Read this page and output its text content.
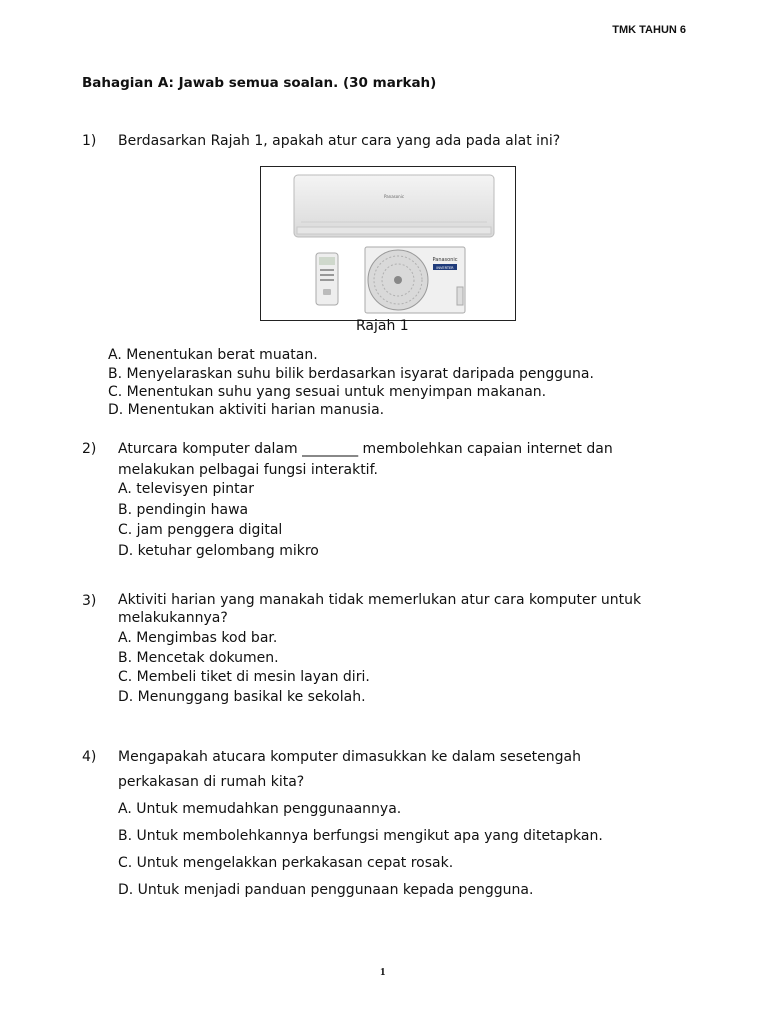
TMK TAHUN 6
Bahagian A: Jawab semua soalan. (30 markah)
1)	Berdasarkan Rajah 1, apakah atur cara yang ada pada alat ini?
Panasonic
Panasonic
INVERTER
Rajah 1
A. Menentukan berat muatan.
B. Menyelaraskan suhu bilik berdasarkan isyarat daripada pengguna.
C. Menentukan suhu yang sesuai untuk menyimpan makanan.
D. Menentukan aktiviti harian manusia.
2)	Aturcara komputer dalam ________ membolehkan capaian internet dan melakukan pelbagai fungsi interaktif.
A. televisyen pintar
B. pendingin hawa
C. jam penggera digital
D. ketuhar gelombang mikro
3)	Aktiviti harian yang manakah tidak memerlukan atur cara komputer untuk melakukannya?
A. Mengimbas kod bar.
B. Mencetak dokumen.
C. Membeli tiket di mesin layan diri.
D. Menunggang basikal ke sekolah.
4)	Mengapakah atucara komputer dimasukkan ke dalam sesetengah
perkakasan di rumah kita?
A. Untuk memudahkan penggunaannya.
B. Untuk membolehkannya berfungsi mengikut apa yang ditetapkan.
C. Untuk mengelakkan perkakasan cepat rosak.
D. Untuk menjadi panduan penggunaan kepada pengguna.
1
